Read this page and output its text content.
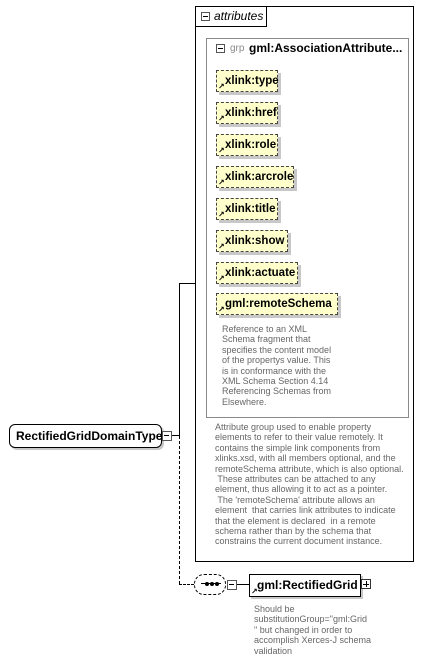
attributes
grp gml:AssociationAttribute...
↗ xlink:type
↗ xlink:href
↗ xlink:role
↗ xlink:arcrole
↗ xlink:title
↗ xlink:show
↗ xlink:actuate
↗ gml:remoteSchema
Reference to an XML
Schema fragment that
specifies the content model
of the propertys value. This
is in conformance with the
XML Schema Section 4.14
Referencing Schemas from
Elsewhere.
Attribute group used to enable property
elements to refer to their value remotely. It
contains the simple link components from
xlinks.xsd, with all members optional, and the
remoteSchema attribute, which is also optional.
These attributes can be attached to any
element, thus allowing it to act as a pointer.
The 'remoteSchema' attribute allows an
element  that carries link attributes to indicate
that the element is declared  in a remote
schema rather than by the schema that
constrains the current document instance.
RectifiedGridDomainType
gml:RectifiedGrid
↗
Should be
substitutionGroup="gml:Grid
" but changed in order to
accomplish Xerces-J schema
validation
